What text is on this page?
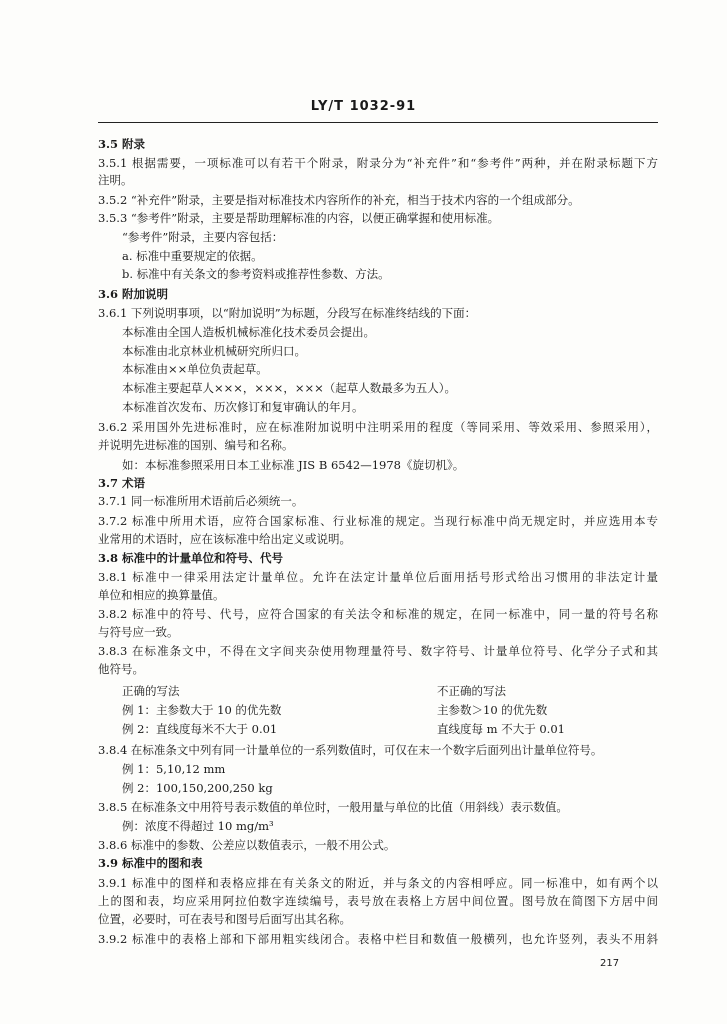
LY/T 1032-91
3.5 附录
3.5.1 根据需要，一项标准可以有若干个附录，附录分为“补充件”和“参考件”两种，并在附录标题下方
注明。
3.5.2 “补充件”附录，主要是指对标准技术内容所作的补充，相当于技术内容的一个组成部分。
3.5.3 “参考件”附录，主要是帮助理解标准的内容，以便正确掌握和使用标准。
“参考件”附录，主要内容包括：
a. 标准中重要规定的依据。
b. 标准中有关条文的参考资料或推荐性参数、方法。
3.6 附加说明
3.6.1 下列说明事项，以“附加说明”为标题，分段写在标准终结线的下面：
本标准由全国人造板机械标准化技术委员会提出。
本标准由北京林业机械研究所归口。
本标准由××单位负责起草。
本标准主要起草人×××，×××，×××（起草人数最多为五人）。
本标准首次发布、历次修订和复审确认的年月。
3.6.2 采用国外先进标准时，应在标准附加说明中注明采用的程度（等同采用、等效采用、参照采用），
并说明先进标准的国别、编号和名称。
如：本标准参照采用日本工业标准 JIS B 6542—1978《旋切机》。
3.7 术语
3.7.1 同一标准所用术语前后必须统一。
3.7.2 标准中所用术语，应符合国家标准、行业标准的规定。当现行标准中尚无规定时，并应选用本专
业常用的术语时，应在该标准中给出定义或说明。
3.8 标准中的计量单位和符号、代号
3.8.1 标准中一律采用法定计量单位。允许在法定计量单位后面用括号形式给出习惯用的非法定计量
单位和相应的换算量值。
3.8.2 标准中的符号、代号，应符合国家的有关法令和标准的规定，在同一标准中，同一量的符号名称
与符号应一致。
3.8.3 在标准条文中，不得在文字间夹杂使用物理量符号、数字符号、计量单位符号、化学分子式和其
他符号。
正确的写法	不正确的写法
例 1：主参数大于 10 的优先数	主参数＞10 的优先数
例 2：直线度每米不大于 0.01	直线度每 m 不大于 0.01
3.8.4 在标准条文中列有同一计量单位的一系列数值时，可仅在末一个数字后面列出计量单位符号。
例 1：5,10,12 mm
例 2：100,150,200,250 kg
3.8.5 在标准条文中用符号表示数值的单位时，一般用量与单位的比值（用斜线）表示数值。
例：浓度不得超过 10 mg/m³
3.8.6 标准中的参数、公差应以数值表示，一般不用公式。
3.9 标准中的图和表
3.9.1 标准中的图样和表格应排在有关条文的附近，并与条文的内容相呼应。同一标准中，如有两个以
上的图和表，均应采用阿拉伯数字连续编号，表号放在表格上方居中间位置。图号放在简图下方居中间
位置，必要时，可在表号和图号后面写出其名称。
3.9.2 标准中的表格上部和下部用粗实线闭合。表格中栏目和数值一般横列，也允许竖列，表头不用斜
217
